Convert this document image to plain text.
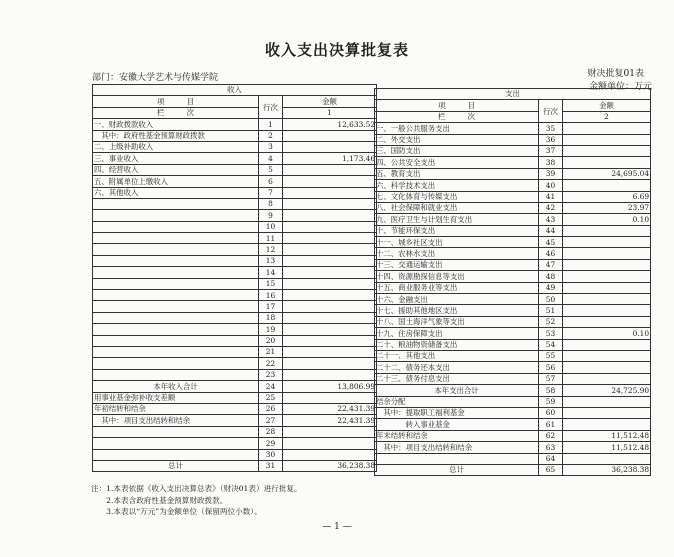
收入支出决算批复表
部门：安徽大学艺术与传媒学院	财决批复01表
金额单位：万元
收入		
项　　　目	行次	金额
栏　　　次		1
一、财政拨款收入	1	12,633.52
　其中：政府性基金预算财政拨款	2	
二、上级补助收入	3	
三、事业收入	4	1,173.46
四、经营收入	5	
五、附属单位上缴收入	6	
六、其他收入	7	
	8	
	9	
	10	
	11	
	12	
	13	
	14	
	15	
	16	
	17	
	18	
	19	
	20	
	21	
	22	
	23	
本年收入合计	24	13,806.99
用事业基金弥补收支差额	25	
年初结转和结余	26	22,431.39
　其中：项目支出结转和结余	27	22,431.39
	28	
	29	
	30	
总计	31	36,238.38
支出		
项　　　目	行次	金额
栏　　　次		2
一、一般公共服务支出	35	
二、外交支出	36	
三、国防支出	37	
四、公共安全支出	38	
五、教育支出	39	24,695.04
六、科学技术支出	40	
七、文化体育与传媒支出	41	6.69
八、社会保障和就业支出	42	23.97
九、医疗卫生与计划生育支出	43	0.10
十、节能环保支出	44	
十一、城乡社区支出	45	
十二、农林水支出	46	
十三、交通运输支出	47	
十四、资源勘探信息等支出	48	
十五、商业服务业等支出	49	
十六、金融支出	50	
十七、援助其他地区支出	51	
十八、国土海洋气象等支出	52	
十九、住房保障支出	53	0.10
二十、粮油物资储备支出	54	
二十一、其他支出	55	
二十二、债务还本支出	56	
二十三、债务付息支出	57	
本年支出合计	58	24,725.90
结余分配	59	
　其中：提取职工福利基金	60	
　　　　转入事业基金	61	
年末结转和结余	62	11,512.48
　其中：项目支出结转和结余	63	11,512.48
	64	
总计	65	36,238.38
注：1.本表依据《收入支出决算总表》（财决01表）进行批复。
　　2.本表含政府性基金预算财政拨款。
　　3.本表以“万元”为金额单位（保留两位小数）。
— 1 —
